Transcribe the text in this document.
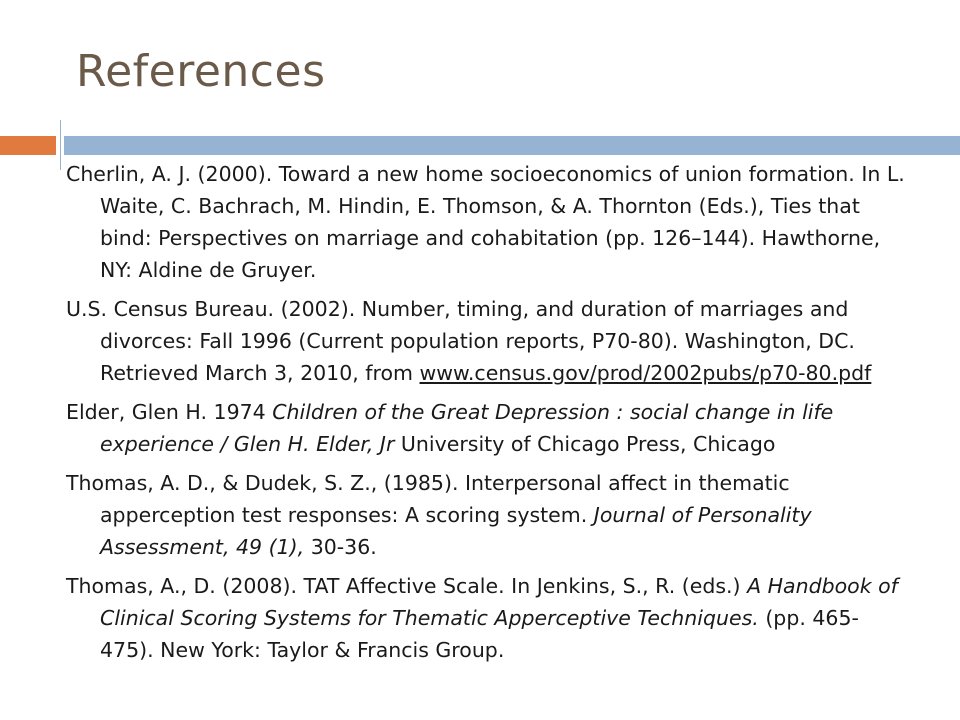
References

Cherlin, A. J. (2000). Toward a new home socioeconomics of union formation. In L. Waite, C. Bachrach, M. Hindin, E. Thomson, & A. Thornton (Eds.), Ties that bind: Perspectives on marriage and cohabitation (pp. 126–144). Hawthorne, NY: Aldine de Gruyer.

U.S. Census Bureau. (2002). Number, timing, and duration of marriages and divorces: Fall 1996 (Current population reports, P70-80). Washington, DC. Retrieved March 3, 2010, from www.census.gov/prod/2002pubs/p70-80.pdf

Elder, Glen H. 1974 Children of the Great Depression : social change in life experience / Glen H. Elder, Jr University of Chicago Press, Chicago

Thomas, A. D., & Dudek, S. Z., (1985). Interpersonal affect in thematic apperception test responses: A scoring system. Journal of Personality Assessment, 49 (1), 30-36.

Thomas, A., D. (2008). TAT Affective Scale. In Jenkins, S., R. (eds.) A Handbook of Clinical Scoring Systems for Thematic Apperceptive Techniques. (pp. 465-475). New York: Taylor & Francis Group.
